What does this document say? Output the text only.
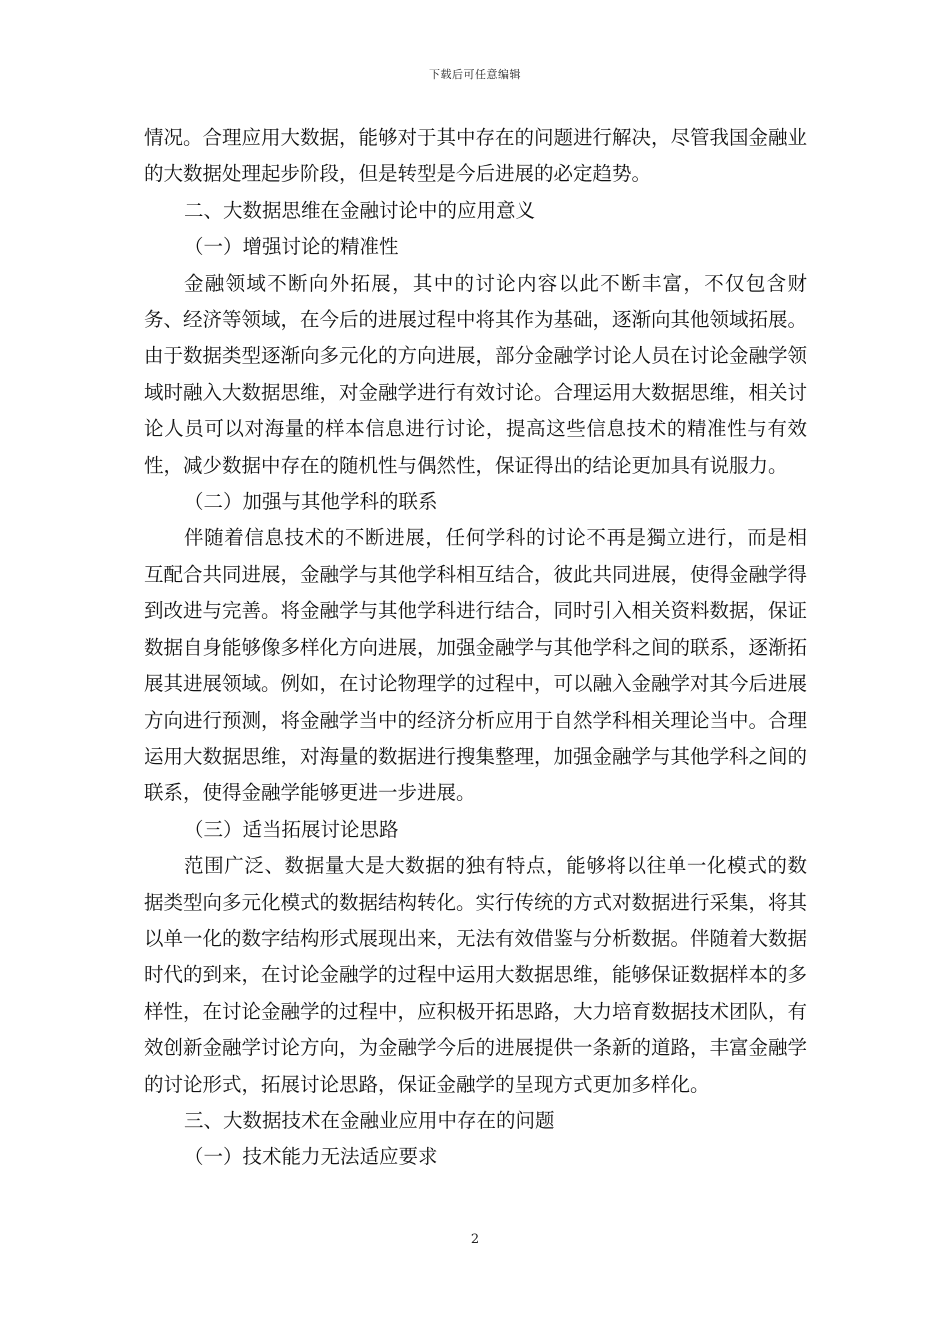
下载后可任意编辑

情况。合理应用大数据，能够对于其中存在的问题进行解决，尽管我国金融业的大数据处理起步阶段，但是转型是今后进展的必定趋势。

二、大数据思维在金融讨论中的应用意义

（一）增强讨论的精准性

金融领域不断向外拓展，其中的讨论内容以此不断丰富，不仅包含财务、经济等领域，在今后的进展过程中将其作为基础，逐渐向其他领域拓展。由于数据类型逐渐向多元化的方向进展，部分金融学讨论人员在讨论金融学领域时融入大数据思维，对金融学进行有效讨论。合理运用大数据思维，相关讨论人员可以对海量的样本信息进行讨论，提高这些信息技术的精准性与有效性，减少数据中存在的随机性与偶然性，保证得出的结论更加具有说服力。

（二）加强与其他学科的联系

伴随着信息技术的不断进展，任何学科的讨论不再是獨立进行，而是相互配合共同进展，金融学与其他学科相互结合，彼此共同进展，使得金融学得到改进与完善。将金融学与其他学科进行结合，同时引入相关资料数据，保证数据自身能够像多样化方向进展，加强金融学与其他学科之间的联系，逐渐拓展其进展领域。例如，在讨论物理学的过程中，可以融入金融学对其今后进展方向进行预测，将金融学当中的经济分析应用于自然学科相关理论当中。合理运用大数据思维，对海量的数据进行搜集整理，加强金融学与其他学科之间的联系，使得金融学能够更进一步进展。

（三）适当拓展讨论思路

范围广泛、数据量大是大数据的独有特点，能够将以往单一化模式的数据类型向多元化模式的数据结构转化。实行传统的方式对数据进行采集，将其以单一化的数字结构形式展现出来，无法有效借鉴与分析数据。伴随着大数据时代的到来，在讨论金融学的过程中运用大数据思维，能够保证数据样本的多样性，在讨论金融学的过程中，应积极开拓思路，大力培育数据技术团队，有效创新金融学讨论方向，为金融学今后的进展提供一条新的道路，丰富金融学的讨论形式，拓展讨论思路，保证金融学的呈现方式更加多样化。

三、大数据技术在金融业应用中存在的问题

（一）技术能力无法适应要求

2
